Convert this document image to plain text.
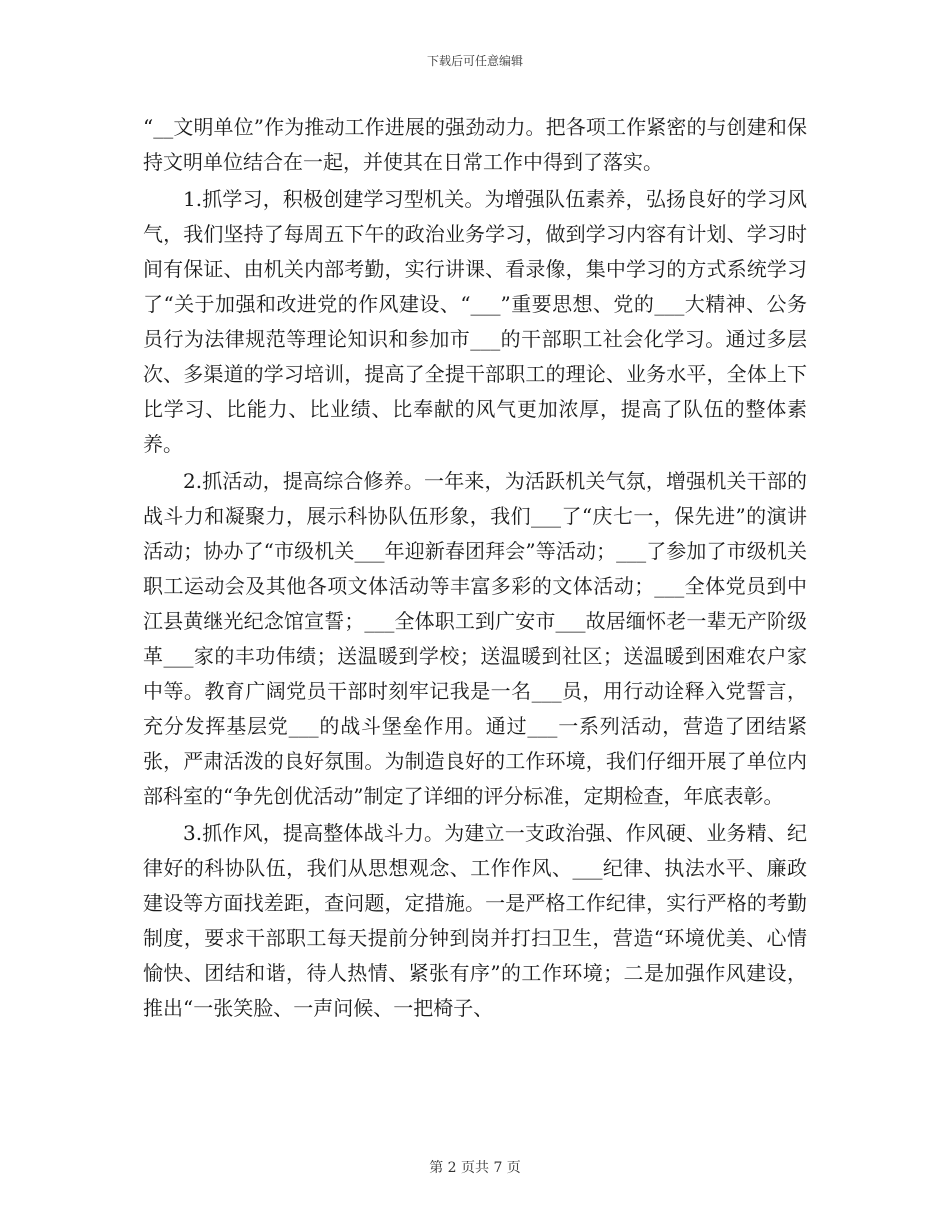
下载后可任意编辑

“__文明单位”作为推动工作进展的强劲动力。把各项工作紧密的与创建和保持文明单位结合在一起，并使其在日常工作中得到了落实。

1.抓学习，积极创建学习型机关。为增强队伍素养，弘扬良好的学习风气，我们坚持了每周五下午的政治业务学习，做到学习内容有计划、学习时间有保证、由机关内部考勤，实行讲课、看录像，集中学习的方式系统学习了“关于加强和改进党的作风建设、“___”重要思想、党的___大精神、公务员行为法律规范等理论知识和参加市___的干部职工社会化学习。通过多层次、多渠道的学习培训，提高了全提干部职工的理论、业务水平，全体上下比学习、比能力、比业绩、比奉献的风气更加浓厚，提高了队伍的整体素养。

2.抓活动，提高综合修养。一年来，为活跃机关气氛，增强机关干部的战斗力和凝聚力，展示科协队伍形象，我们___了“庆七一，保先进”的演讲活动；协办了“市级机关___年迎新春团拜会”等活动；___了参加了市级机关职工运动会及其他各项文体活动等丰富多彩的文体活动；___全体党员到中江县黄继光纪念馆宣誓；___全体职工到广安市___故居缅怀老一辈无产阶级革___家的丰功伟绩；送温暖到学校；送温暖到社区；送温暖到困难农户家中等。教育广阔党员干部时刻牢记我是一名___员，用行动诠释入党誓言，充分发挥基层党___的战斗堡垒作用。通过___一系列活动，营造了团结紧张，严肃活泼的良好氛围。为制造良好的工作环境，我们仔细开展了单位内部科室的“争先创优活动”制定了详细的评分标准，定期检查，年底表彰。

3.抓作风，提高整体战斗力。为建立一支政治强、作风硬、业务精、纪律好的科协队伍，我们从思想观念、工作作风、___纪律、执法水平、廉政建设等方面找差距，查问题，定措施。一是严格工作纪律，实行严格的考勤制度，要求干部职工每天提前分钟到岗并打扫卫生，营造“环境优美、心情愉快、团结和谐，待人热情、紧张有序”的工作环境；二是加强作风建设，推出“一张笑脸、一声问候、一把椅子、

第 2 页共 7 页
